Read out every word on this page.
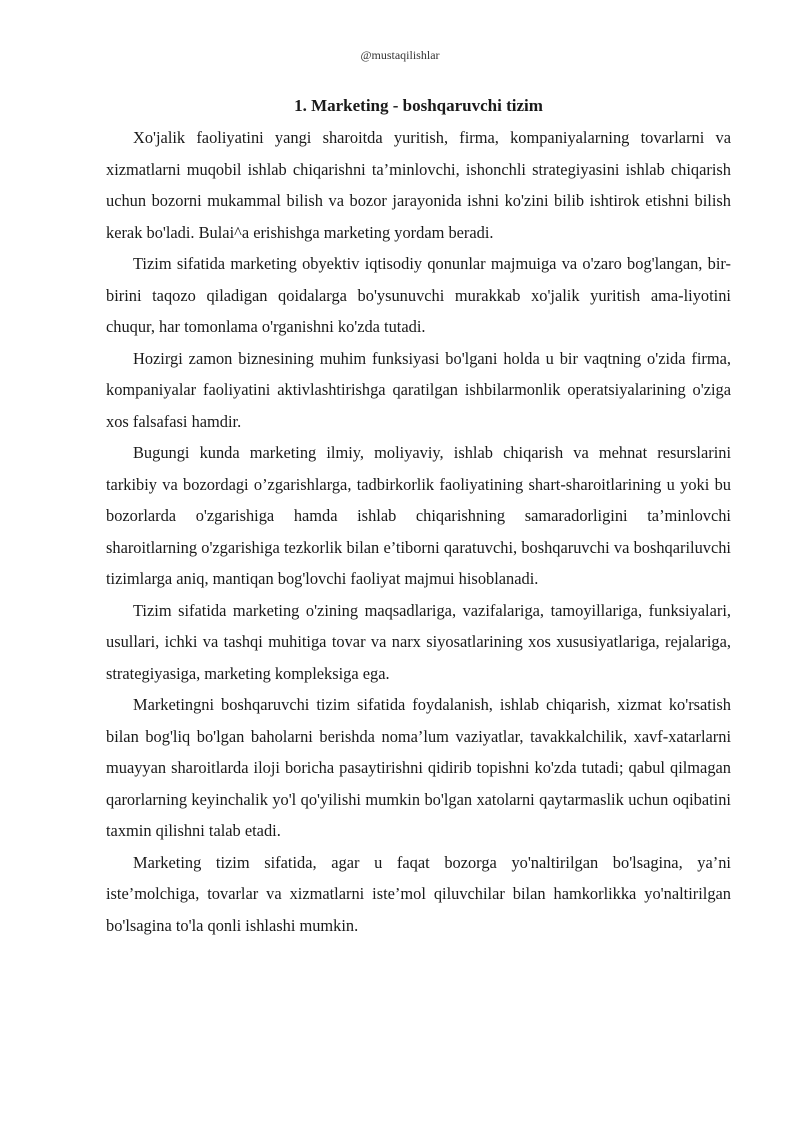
@mustaqilishlar
1. Marketing - boshqaruvchi tizim

Xo'jalik faoliyatini yangi sharoitda yuritish, firma, kompaniyalarning tovarlarni va xizmatlarni muqobil ishlab chiqarishni ta’minlovchi, ishonchli strategiyasini ishlab chiqarish uchun bozorni mukammal bilish va bozor jarayonida ishni ko'zini bilib ishtirok etishni bilish kerak bo'ladi. Bulai^a erishishga marketing yordam beradi.

Tizim sifatida marketing obyektiv iqtisodiy qonunlar majmuiga va o'zaro bog'langan, bir-birini taqozo qiladigan qoidalarga bo'ysunuvchi murakkab xo'jalik yuritish ama-liyotini chuqur, har tomonlama o'rganishni ko'zda tutadi.

Hozirgi zamon biznesining muhim funksiyasi bo'lgani holda u bir vaqtning o'zida firma, kompaniyalar faoliyatini aktivlashtirishga qaratilgan ishbilarmonlik operatsiyalarining o'ziga xos falsafasi hamdir.

Bugungi kunda marketing ilmiy, moliyaviy, ishlab chiqarish va mehnat resurslarini tarkibiy va bozordagi o’zgarishlarga, tadbirkorlik faoliyatining shart-sharoitlarining u yoki bu bozorlarda o'zgarishiga hamda ishlab chiqarishning samaradorligini ta’minlovchi sharoitlarning o'zgarishiga tezkorlik bilan e’tiborni qaratuvchi, boshqaruvchi va boshqariluvchi tizimlarga aniq, mantiqan bog'lovchi faoliyat majmui hisoblanadi.

Tizim sifatida marketing o'zining maqsadlariga, vazifalariga, tamoyillariga, funksiyalari, usullari, ichki va tashqi muhitiga tovar va narx siyosatlarining xos xususiyatlariga, rejalariga, strategiyasiga, marketing kompleksiga ega.

Marketingni boshqaruvchi tizim sifatida foydalanish, ishlab chiqarish, xizmat ko'rsatish bilan bog'liq bo'lgan baholarni berishda noma’lum vaziyatlar, tavakkalchilik, xavf-xatarlarni muayyan sharoitlarda iloji boricha pasaytirishni qidirib topishni ko'zda tutadi; qabul qilmagan qarorlarning keyinchalik yo'l qo'yilishi mumkin bo'lgan xatolarni qaytarmaslik uchun oqibatini taxmin qilishni talab etadi.

Marketing tizim sifatida, agar u faqat bozorga yo'naltirilgan bo'lsagina, ya’ni iste’molchiga, tovarlar va xizmatlarni iste’mol qiluvchilar bilan hamkorlikka yo'naltirilgan bo'lsagina to'la qonli ishlashi mumkin.
